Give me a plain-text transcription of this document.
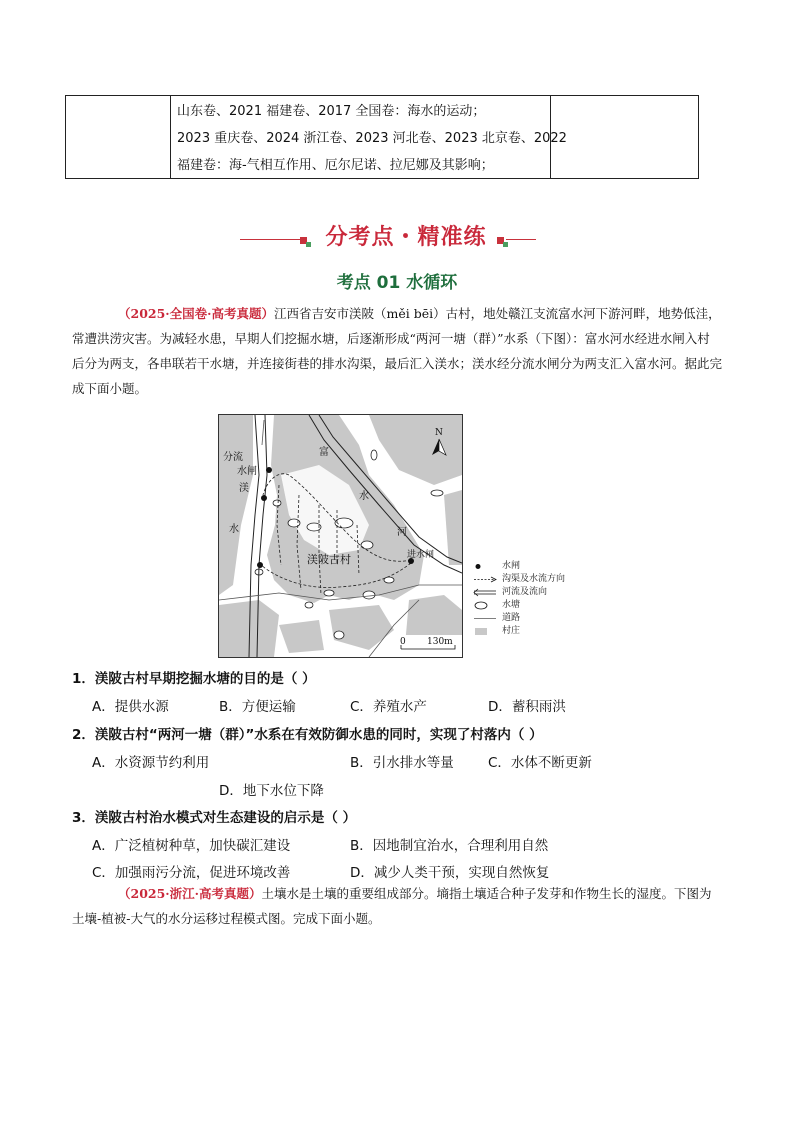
山东卷、2021 福建卷、2017 全国卷：海水的运动；
2023 重庆卷、2024 浙江卷、2023 河北卷、2023 北京卷、2022
福建卷：海-气相互作用、厄尔尼诺、拉尼娜及其影响；
分考点・精准练
考点 01 水循环
（2025·全国卷·高考真题）江西省吉安市渼陂（měi bēi）古村，地处赣江支流富水河下游河畔，地势低洼，常遭洪涝灾害。为减轻水患，早期人们挖掘水塘，后逐渐形成“两河一塘（群）”水系（下图）：富水河水经进水闸入村后分为两支，各串联若干水塘，并连接街巷的排水沟渠，最后汇入渼水；渼水经分流水闸分为两支汇入富水河。据此完成下面小题。
N
0 130m
分流
水闸
渼
水
富
水
河
进水闸
渼陂古村	水闸
沟渠及水流方向
河流及流向
水塘
道路
村庄
1．渼陂古村早期挖掘水塘的目的是（ ）
A．提供水源	B．方便运输	C．养殖水产	D．蓄积雨洪
2．渼陂古村“两河一塘（群）”水系在有效防御水患的同时，实现了村落内（ ）
A．水资源节约利用	B．引水排水等量	C．水体不断更新
D．地下水位下降
3．渼陂古村治水模式对生态建设的启示是（ ）
A．广泛植树种草，加快碳汇建设	B．因地制宜治水，合理利用自然
C．加强雨污分流，促进环境改善	D．减少人类干预，实现自然恢复
（2025·浙江·高考真题）土壤水是土壤的重要组成部分。墒指土壤适合种子发芽和作物生长的湿度。下图为土壤-植被-大气的水分运移过程模式图。完成下面小题。
